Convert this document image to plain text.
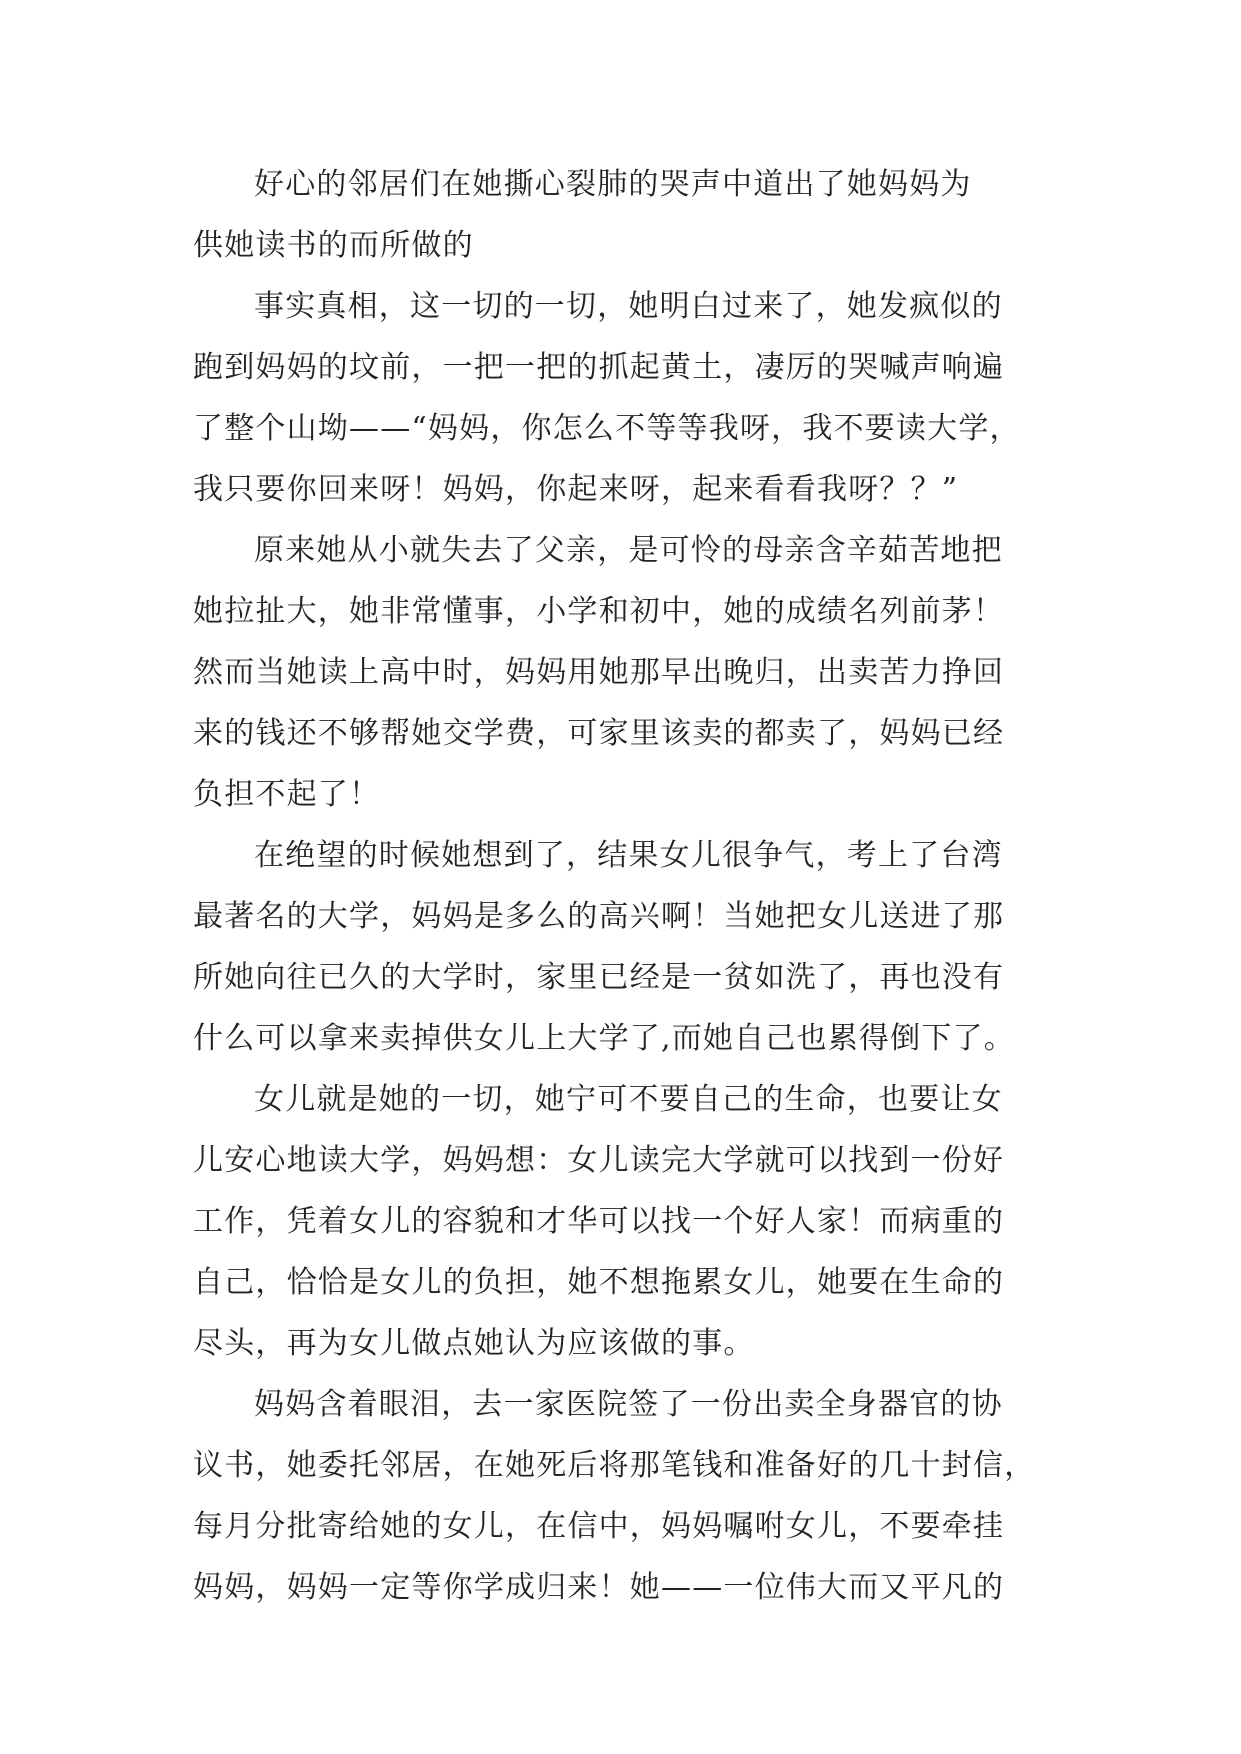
好心的邻居们在她撕心裂肺的哭声中道出了她妈妈为
供她读书的而所做的
事实真相，这一切的一切，她明白过来了，她发疯似的
跑到妈妈的坟前，一把一把的抓起黄土，凄厉的哭喊声响遍
了整个山坳——“妈妈，你怎么不等等我呀，我不要读大学，
我只要你回来呀！妈妈，你起来呀，起来看看我呀？？”
原来她从小就失去了父亲，是可怜的母亲含辛茹苦地把
她拉扯大，她非常懂事，小学和初中，她的成绩名列前茅！
然而当她读上高中时，妈妈用她那早出晚归，出卖苦力挣回
来的钱还不够帮她交学费，可家里该卖的都卖了，妈妈已经
负担不起了！
在绝望的时候她想到了，结果女儿很争气，考上了台湾
最著名的大学，妈妈是多么的高兴啊！当她把女儿送进了那
所她向往已久的大学时，家里已经是一贫如洗了，再也没有
什么可以拿来卖掉供女儿上大学了,而她自己也累得倒下了。
女儿就是她的一切，她宁可不要自己的生命，也要让女
儿安心地读大学，妈妈想：女儿读完大学就可以找到一份好
工作，凭着女儿的容貌和才华可以找一个好人家！而病重的
自己，恰恰是女儿的负担，她不想拖累女儿，她要在生命的
尽头，再为女儿做点她认为应该做的事。
妈妈含着眼泪，去一家医院签了一份出卖全身器官的协
议书，她委托邻居，在她死后将那笔钱和准备好的几十封信，
每月分批寄给她的女儿，在信中，妈妈嘱咐女儿，不要牵挂
妈妈，妈妈一定等你学成归来！她——一位伟大而又平凡的
